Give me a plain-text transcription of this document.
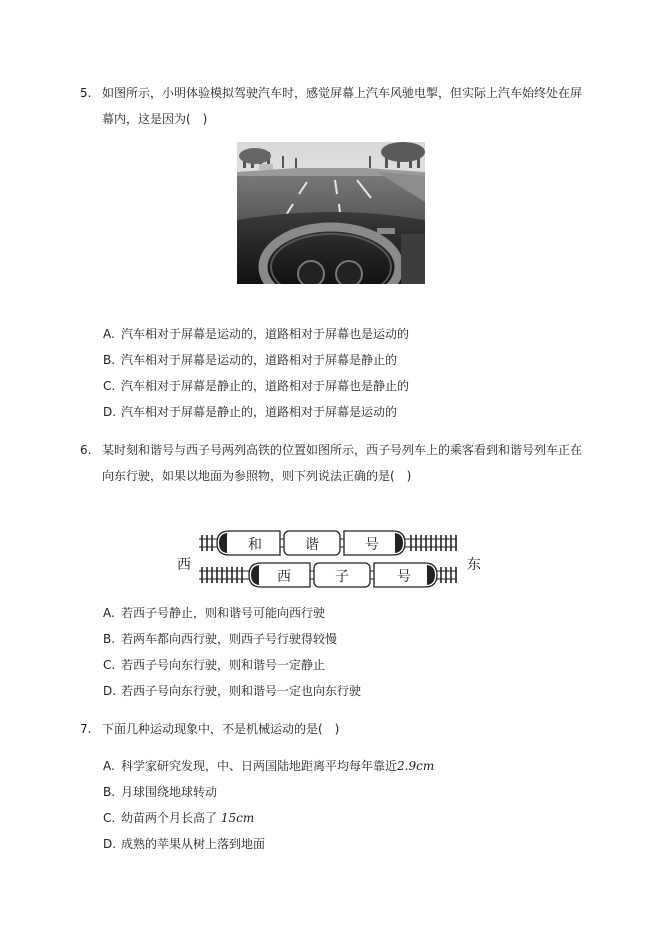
5. 如图所示，小明体验模拟驾驶汽车时，感觉屏幕上汽车风驰电掣，但实际上汽车始终处在屏幕内，这是因为(　)
A. 汽车相对于屏幕是运动的，道路相对于屏幕也是运动的
B. 汽车相对于屏幕是运动的，道路相对于屏幕是静止的
C. 汽车相对于屏幕是静止的，道路相对于屏幕也是静止的
D. 汽车相对于屏幕是静止的，道路相对于屏幕是运动的
6. 某时刻和谐号与西子号两列高铁的位置如图所示，西子号列车上的乘客看到和谐号列车正在向东行驶，如果以地面为参照物，则下列说法正确的是(　)
西	东
和	谐	号
西	子	号
A. 若西子号静止，则和谐号可能向西行驶
B. 若两车都向西行驶，则西子号行驶得较慢
C. 若西子号向东行驶，则和谐号一定静止
D. 若西子号向东行驶，则和谐号一定也向东行驶
7. 下面几种运动现象中，不是机械运动的是(　)
A. 科学家研究发现，中、日两国陆地距离平均每年靠近2.9cm
B. 月球围绕地球转动
C. 幼苗两个月长高了 15cm
D. 成熟的苹果从树上落到地面
